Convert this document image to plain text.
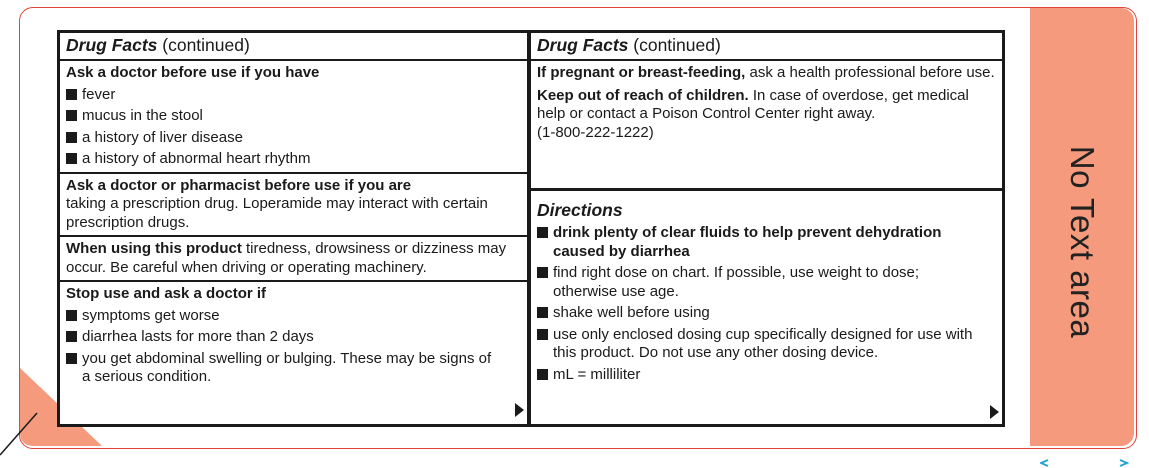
No Text area
Drug Facts (continued)
Ask a doctor before use if you have
fever
mucus in the stool
a history of liver disease
a history of abnormal heart rhythm
Ask a doctor or pharmacist before use if you are
taking a prescription drug. Loperamide may interact with certain prescription drugs.
When using this product tiredness, drowsiness or dizziness may occur. Be careful when driving or operating machinery.
Stop use and ask a doctor if
symptoms get worse
diarrhea lasts for more than 2 days
you get abdominal swelling or bulging. These may be signs of a serious condition.
Drug Facts (continued)
If pregnant or breast-feeding, ask a health professional before use.
Keep out of reach of children. In case of overdose, get medical help or contact a Poison Control Center right away.
(1-800-222-1222)
Directions
drink plenty of clear fluids to help prevent dehydration caused by diarrhea
find right dose on chart. If possible, use weight to dose; otherwise use age.
shake well before using
use only enclosed dosing cup specifically designed for use with this product. Do not use any other dosing device.
mL = milliliter
